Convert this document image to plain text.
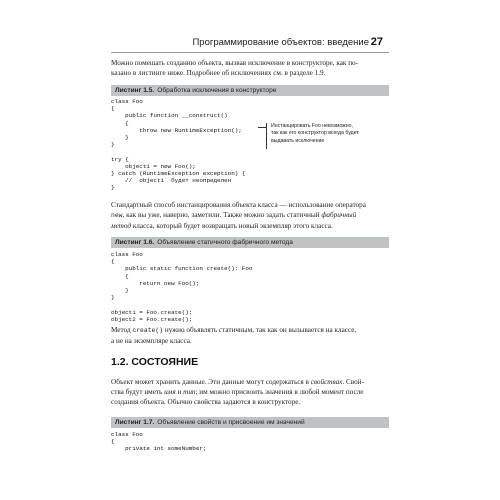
Программирование объектов: введение 27
Можно помешать созданию объекта, вызвав исключение в конструкторе, как по-
казано в листинге ниже. Подробнее об исключениях см. в разделе 1.9.
Листинг 1.5. Обработка исключения в конструкторе
class Foo
{
public function __construct()
{
throw new RuntimeException();
}
}

try {
object1 = new Foo();
} catch (RuntimeException exception) {
// `object1` будет неопределен
}
Инстанцировать Foo невозможно,
так как его конструктор всегда будет
выдавать исключение
Стандартный способ инстанцирования объекта класса — использование оператора
new, как вы уже, наверно, заметили. Также можно задать статичный фабричный
метод класса, который будет возвращать новый экземпляр этого класса.
Листинг 1.6. Объявление статичного фабричного метода
class Foo
{
public static function create(): Foo
{
return new Foo();
}
}

object1 = Foo.create();
object2 = Foo.create();
Метод create() нужно объявлять статичным, так как он вызывается на классе,
а не на экземпляре класса.
1.2. СОСТОЯНИЕ
Объект может хранить данные. Эти данные могут содержаться в свойствах. Свой-
ства будут иметь имя и тип; им можно присвоить значения в любой момент после
создания объекта. Обычно свойства задаются в конструкторе.
Листинг 1.7. Объявление свойств и присвоение им значений
class Foo
{
private int someNumber;
